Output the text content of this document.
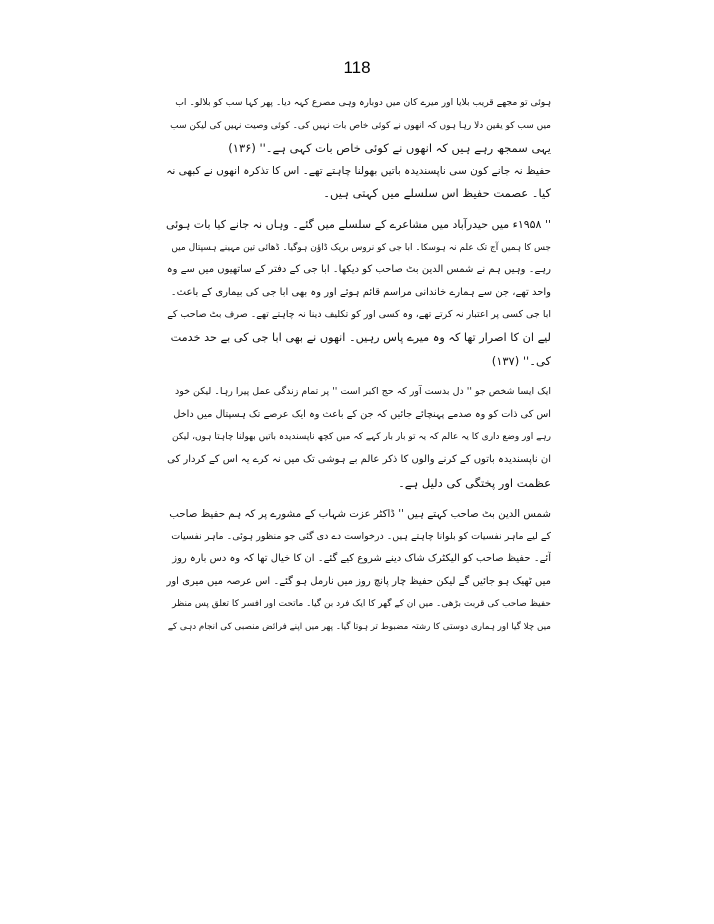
118
ہوئی تو مجھے قریب بلایا اور میرے کان میں دوبارہ وہی مصرع کہہ دیا۔ پھر کہا سب کو بلالو۔ اب
میں سب کو یقین دلا رہا ہوں کہ انھوں نے کوئی خاص بات نہیں کی۔ کوئی وصیت نہیں کی لیکن سب
یہی سمجھ رہے ہیں کہ انھوں نے کوئی خاص بات کہی ہے۔'' (۱۳۶)
حفیظ نہ جانے کون سی ناپسندیدہ باتیں بھولنا چاہتے تھے۔ اس کا تذکرہ انھوں نے کبھی نہ
کیا۔ عصمت حفیظ اس سلسلے میں کہتی ہیں۔
'' ۱۹۵۸ء میں حیدرآباد میں مشاعرے کے سلسلے میں گئے۔ وہاں نہ جانے کیا بات ہوئی
جس کا ہمیں آج تک علم نہ ہوسکا۔ ابا جی کو نروس بریک ڈاؤن ہوگیا۔ ڈھائی تین مہینے ہسپتال میں
رہے۔ وہیں ہم نے شمس الدین بٹ صاحب کو دیکھا۔ ابا جی کے دفتر کے ساتھیوں میں سے وہ
واحد تھے، جن سے ہمارے خاندانی مراسم قائم ہوئے اور وہ بھی ابا جی کی بیماری کے باعث۔
ابا جی کسی پر اعتبار نہ کرتے تھے، وہ کسی اور کو تکلیف دینا نہ چاہتے تھے۔ صرف بٹ صاحب کے
لیے ان کا اصرار تھا کہ وہ میرے پاس رہیں۔ انھوں نے بھی ابا جی کی بے حد خدمت
کی۔'' (۱۳۷)
ایک ایسا شخص جو '' دل بدست آور کہ حج اکبر است '' پر تمام زندگی عمل پیرا رہا۔ لیکن خود
اس کی ذات کو وہ صدمے پہنچائے جائیں کہ جن کے باعث وہ ایک عرصے تک ہسپتال میں داخل
رہے اور وضع داری کا یہ عالم کہ یہ تو بار بار کہے کہ میں کچھ ناپسندیدہ باتیں بھولنا چاہتا ہوں، لیکن
ان ناپسندیدہ باتوں کے کرنے والوں کا ذکر عالم بے ہوشی تک میں نہ کرے یہ اس کے کردار کی
عظمت اور پختگی کی دلیل ہے۔
شمس الدین بٹ صاحب کہتے ہیں '' ڈاکٹر عزت شہاب کے مشورے پر کہ ہم حفیظ صاحب
کے لیے ماہر نفسیات کو بلوانا چاہتے ہیں۔ درخواست دے دی گئی جو منظور ہوئی۔ ماہر نفسیات
آئے۔ حفیظ صاحب کو الیکٹرک شاک دینے شروع کیے گئے۔ ان کا خیال تھا کہ وہ دس بارہ روز
میں ٹھیک ہو جائیں گے لیکن حفیظ چار پانچ روز میں نارمل ہو گئے۔ اس عرصہ میں میری اور
حفیظ صاحب کی قربت بڑھی۔ میں ان کے گھر کا ایک فرد بن گیا۔ ماتحت اور افسر کا تعلق پس منظر
میں چلا گیا اور ہماری دوستی کا رشتہ مضبوط تر ہوتا گیا۔ پھر میں اپنے فرائض منصبی کی انجام دہی کے
